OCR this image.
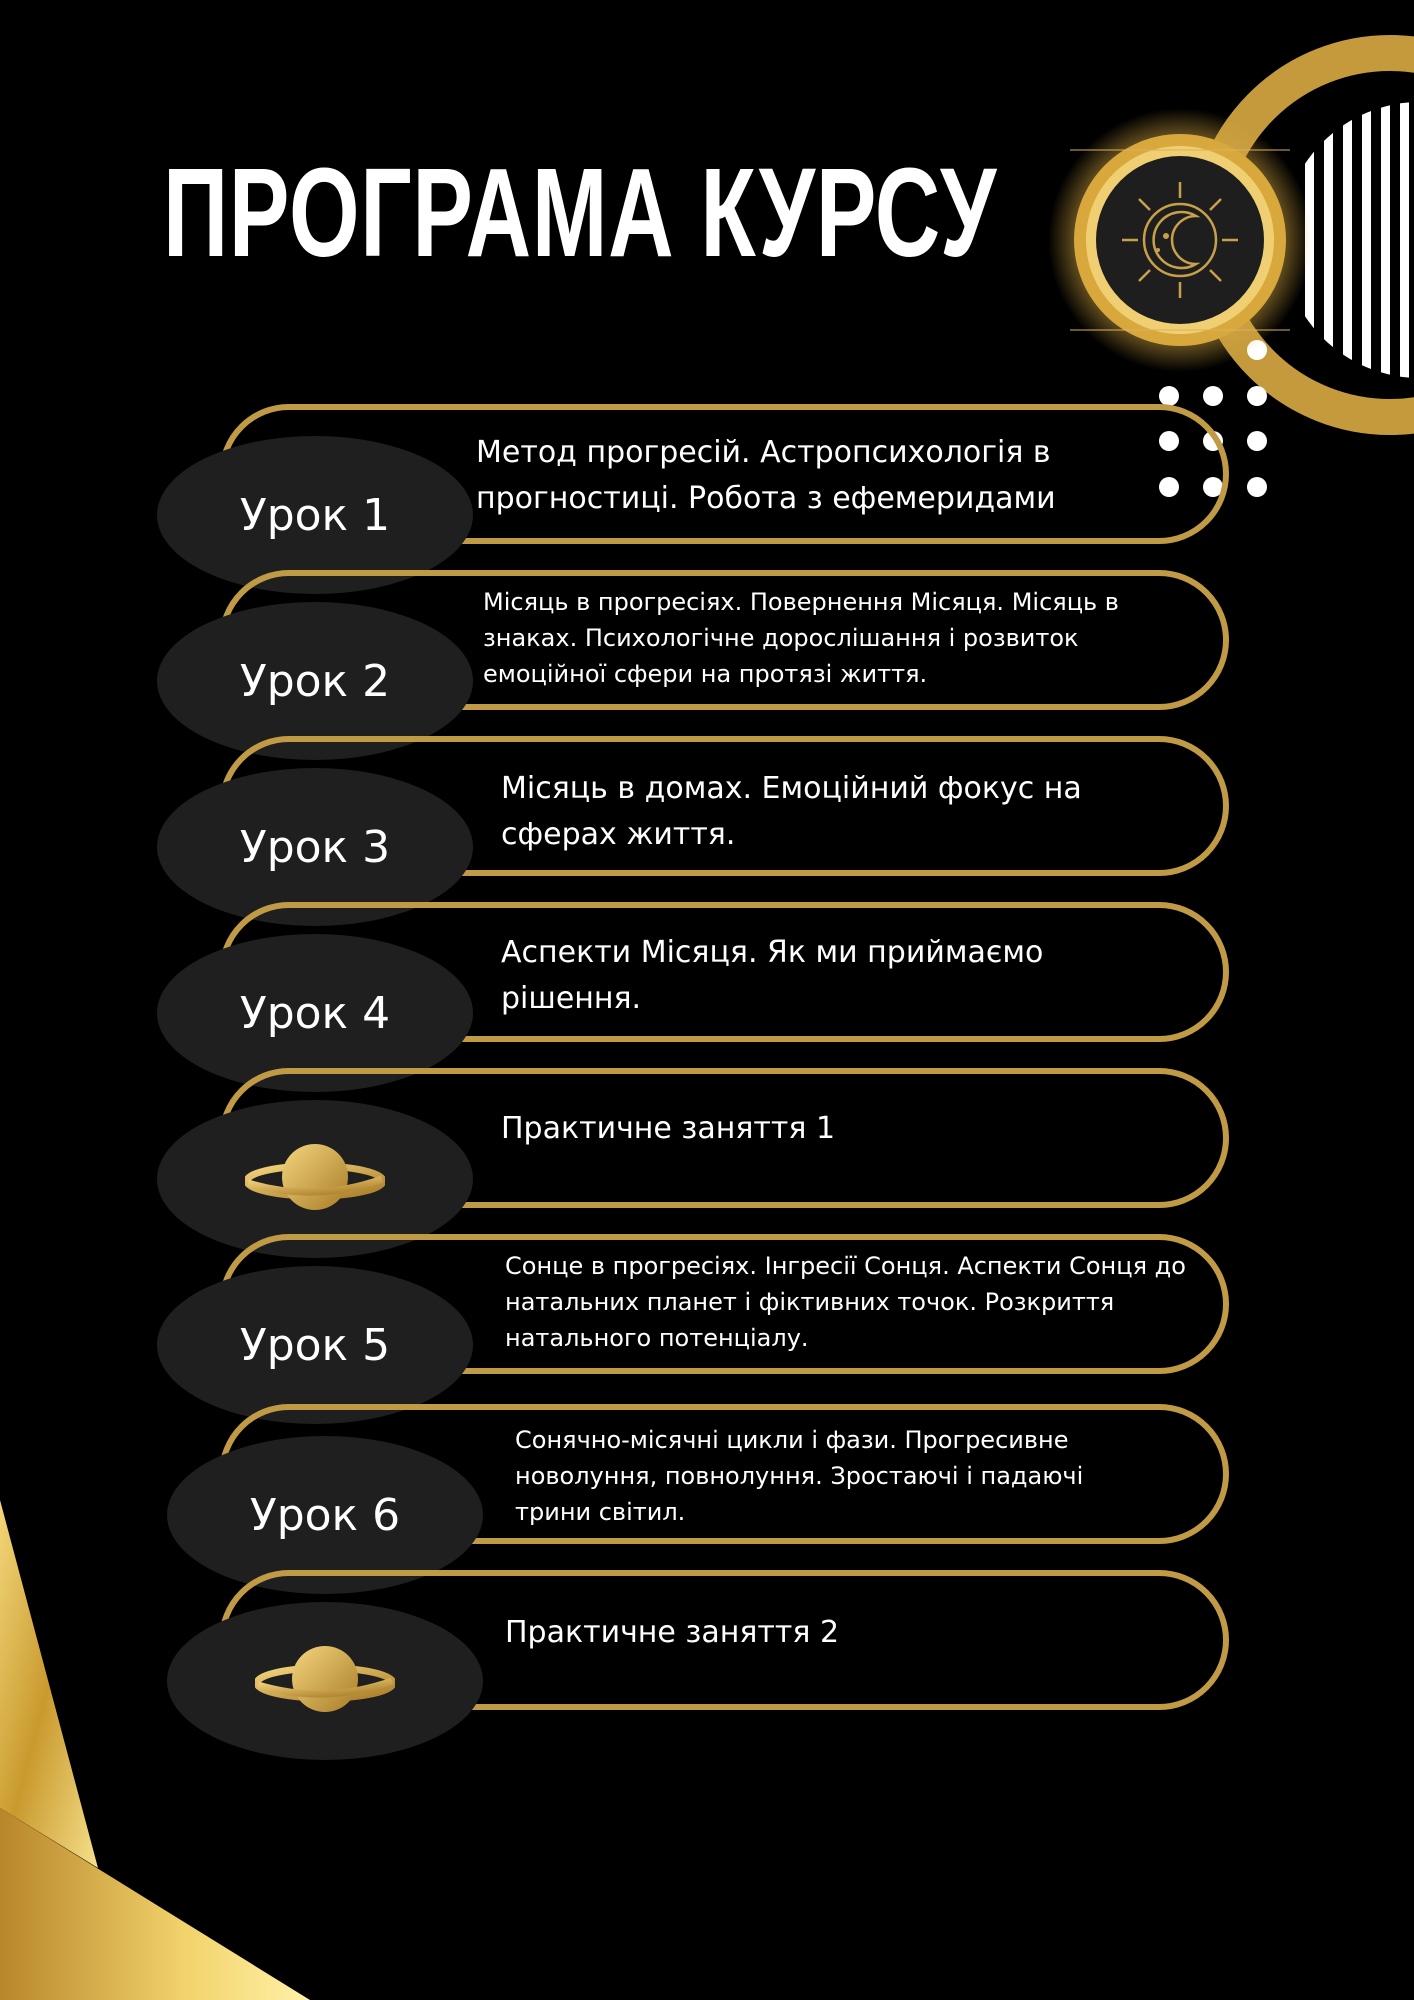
ПРОГРАМА КУРСУ
Урок 1
Метод прогресій. Астропсихологія в прогностиці. Робота з ефемеридами
Урок 2
Місяць в прогресіях. Повернення Місяця. Місяць в знаках. Психологічне дорослішання і розвиток емоційної сфери на протязі життя.
Урок 3
Місяць в домах. Емоційний фокус на сферах життя.
Урок 4
Аспекти Місяця. Як ми приймаємо рішення.
Практичне заняття 1
Урок 5
Сонце в прогресіях. Інгресії Сонця. Аспекти Сонця до натальних планет і фіктивних точок. Розкриття натального потенціалу.
Урок 6
Сонячно-місячні цикли і фази. Прогресивне новолуння, повнолуння. Зростаючі і падаючі трини світил.
Практичне заняття 2
